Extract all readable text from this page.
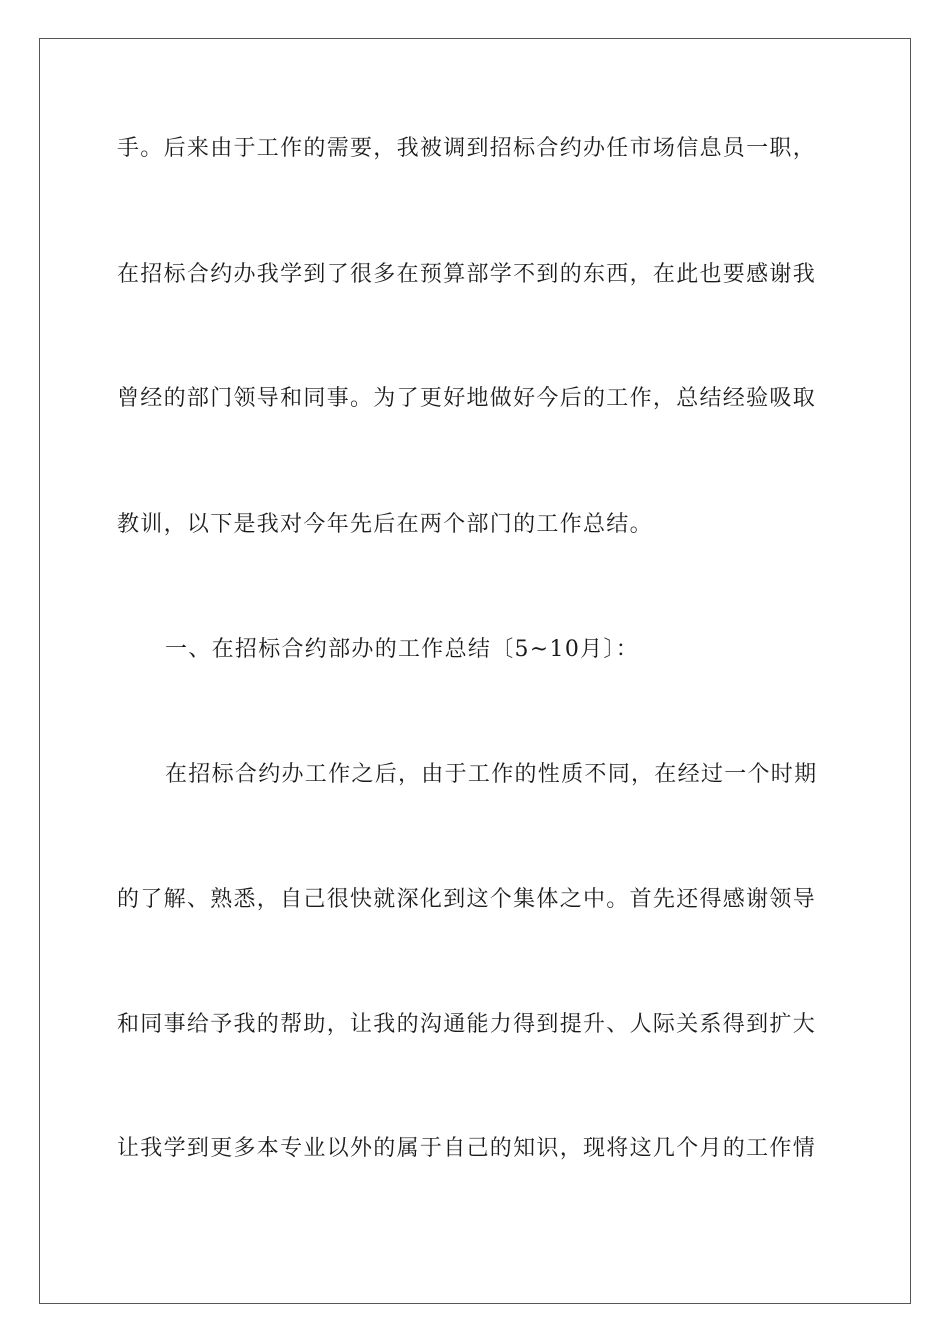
手。后来由于工作的需要，我被调到招标合约办任市场信息员一职，
在招标合约办我学到了很多在预算部学不到的东西，在此也要感谢我
曾经的部门领导和同事。为了更好地做好今后的工作，总结经验吸取
教训，以下是我对今年先后在两个部门的工作总结。
一、在招标合约部办的工作总结〔5~10月〕：
在招标合约办工作之后，由于工作的性质不同，在经过一个时期
的了解、熟悉，自己很快就深化到这个集体之中。首先还得感谢领导
和同事给予我的帮助，让我的沟通能力得到提升、人际关系得到扩大
让我学到更多本专业以外的属于自己的知识，现将这几个月的工作情
